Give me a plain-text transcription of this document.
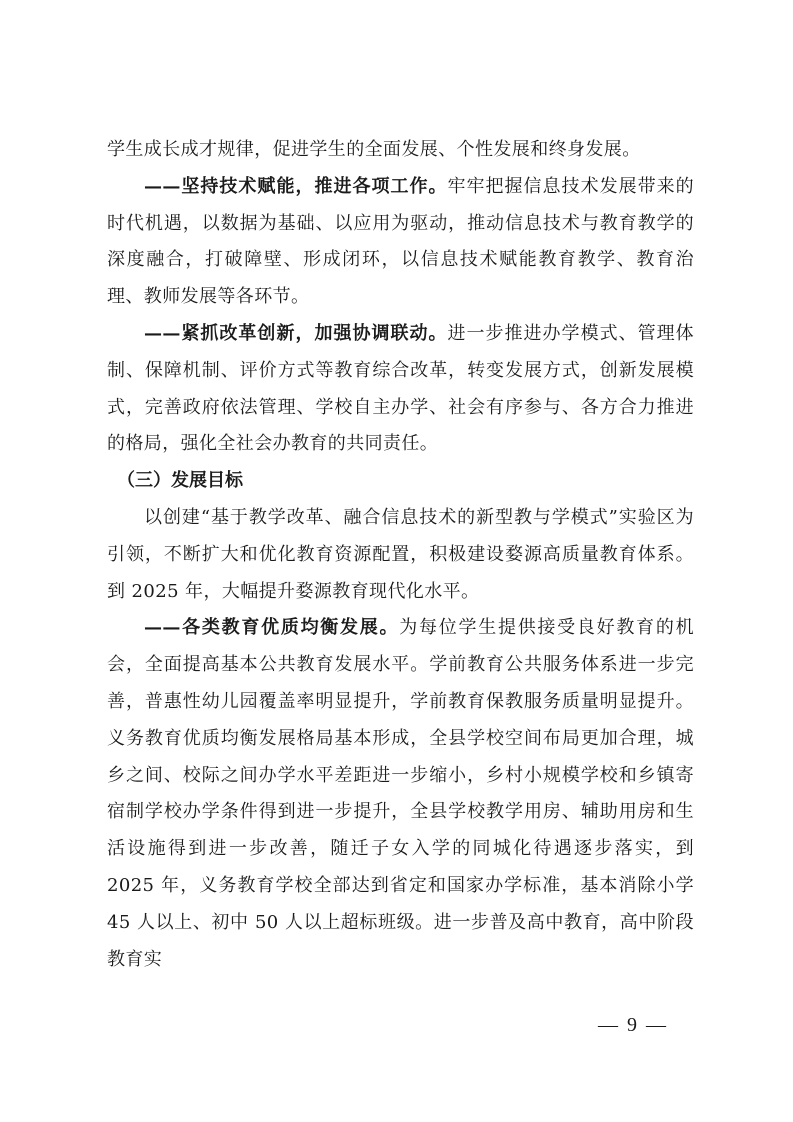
学生成长成才规律，促进学生的全面发展、个性发展和终身发展。

——坚持技术赋能，推进各项工作。牢牢把握信息技术发展带来的时代机遇，以数据为基础、以应用为驱动，推动信息技术与教育教学的深度融合，打破障壁、形成闭环，以信息技术赋能教育教学、教育治理、教师发展等各环节。

——紧抓改革创新，加强协调联动。进一步推进办学模式、管理体制、保障机制、评价方式等教育综合改革，转变发展方式，创新发展模式，完善政府依法管理、学校自主办学、社会有序参与、各方合力推进的格局，强化全社会办教育的共同责任。

（三）发展目标

以创建“基于教学改革、融合信息技术的新型教与学模式”实验区为引领，不断扩大和优化教育资源配置，积极建设婺源高质量教育体系。到 2025 年，大幅提升婺源教育现代化水平。

——各类教育优质均衡发展。为每位学生提供接受良好教育的机会，全面提高基本公共教育发展水平。学前教育公共服务体系进一步完善，普惠性幼儿园覆盖率明显提升，学前教育保教服务质量明显提升。义务教育优质均衡发展格局基本形成，全县学校空间布局更加合理，城乡之间、校际之间办学水平差距进一步缩小，乡村小规模学校和乡镇寄宿制学校办学条件得到进一步提升，全县学校教学用房、辅助用房和生活设施得到进一步改善，随迁子女入学的同城化待遇逐步落实，到 2025 年，义务教育学校全部达到省定和国家办学标准，基本消除小学 45 人以上、初中 50 人以上超标班级。进一步普及高中教育，高中阶段教育实

— 9 —
